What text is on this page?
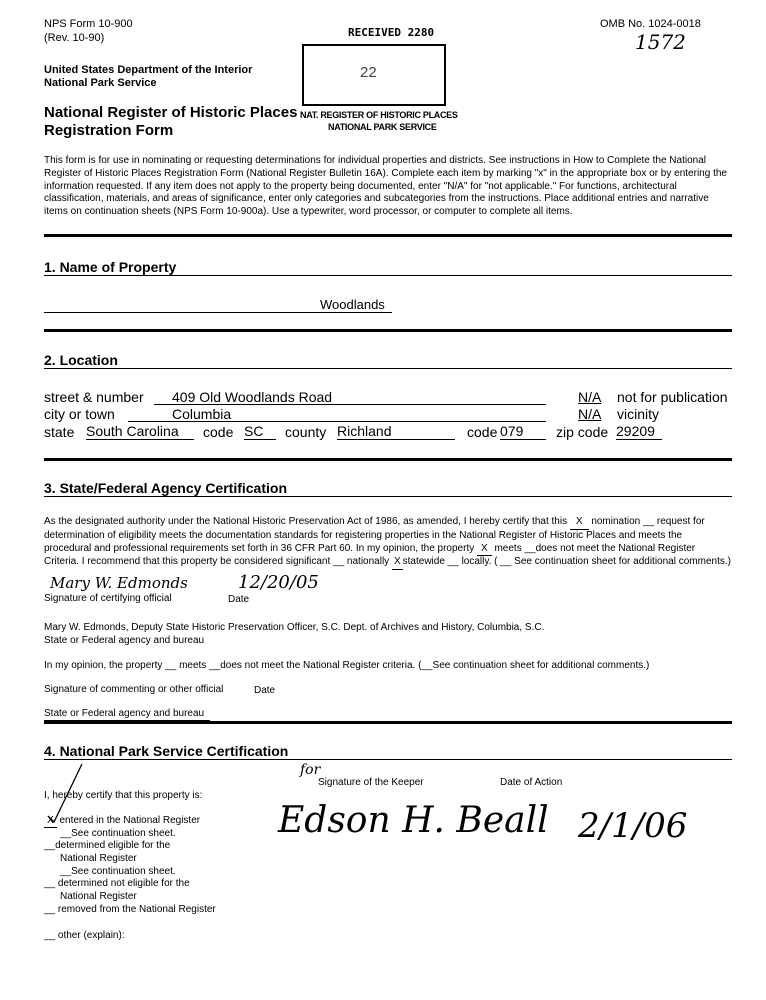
NPS Form 10-900
(Rev. 10-90)
OMB No. 1024-0018
1572
United States Department of the Interior
National Park Service
National Register of Historic Places
Registration Form
RECEIVED 2280
22
NAT. REGISTER OF HISTORIC PLACES
NATIONAL PARK SERVICE
This form is for use in nominating or requesting determinations for individual properties and districts. See instructions in How to Complete the National Register of Historic Places Registration Form (National Register Bulletin 16A). Complete each item by marking "x" in the appropriate box or by entering the information requested. If any item does not apply to the property being documented, enter "N/A" for "not applicable." For functions, architectural classification, materials, and areas of significance, enter only categories and subcategories from the instructions. Place additional entries and narrative items on continuation sheets (NPS Form 10-900a). Use a typewriter, word processor, or computer to complete all items.
1. Name of Property
Woodlands
2. Location
street & number 409 Old Woodlands Road	N/A not for publication
city or town	Columbia	N/A vicinity
state South Carolina	code SC	county Richland	code 079	zip code 29209
3. State/Federal Agency Certification
As the designated authority under the National Historic Preservation Act of 1986, as amended, I hereby certify that this X nomination __ request for determination of eligibility meets the documentation standards for registering properties in the National Register of Historic Places and meets the procedural and professional requirements set forth in 36 CFR Part 60. In my opinion, the property X meets __does not meet the National Register Criteria. I recommend that this property be considered significant __ nationally X statewide __ locally. ( __ See continuation sheet for additional comments.)
Mary W. Edmonds	12/20/05
Signature of certifying official	Date
Mary W. Edmonds, Deputy State Historic Preservation Officer, S.C. Dept. of Archives and History, Columbia, S.C.
State or Federal agency and bureau
In my opinion, the property __ meets __does not meet the National Register criteria. (__See continuation sheet for additional comments.)
Signature of commenting or other official	Date
State or Federal agency and bureau
4. National Park Service Certification
for
Signature of the Keeper	Date of Action
I, hereby certify that this property is:
Edson H. Beall 2/1/06
X entered in the National Register
__See continuation sheet.
__determined eligible for the
National Register
__See continuation sheet.
__ determined not eligible for the
National Register
__ removed from the National Register
__ other (explain):
